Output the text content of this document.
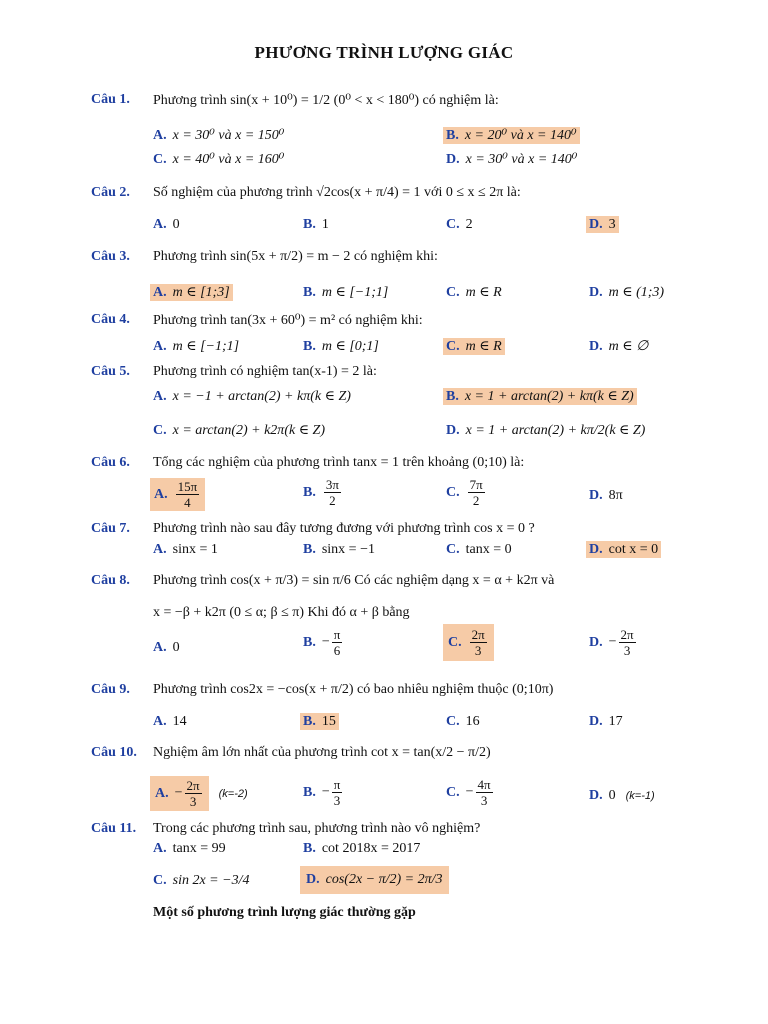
PHƯƠNG TRÌNH LƯỢNG GIÁC
Câu 1. Phương trình sin(x + 10⁰) = 1/2 (0⁰ < x < 180⁰) có nghiệm là:
A. x = 30⁰ và x = 150⁰	B. x = 20⁰ và x = 140⁰
C. x = 40⁰ và x = 160⁰	D. x = 30⁰ và x = 140⁰
Câu 2. Số nghiệm của phương trình √2cos(x + π/4) = 1 với 0 ≤ x ≤ 2π là:
A. 0	B. 1	C. 2	D. 3
Câu 3. Phương trình sin(5x + π/2) = m − 2 có nghiệm khi:
A. m ∈ [1;3]	B. m ∈ [−1;1]	C. m ∈ R	D. m ∈ (1;3)
Câu 4. Phương trình tan(3x + 60⁰) = m² có nghiệm khi:
A. m ∈ [−1;1]	B. m ∈ [0;1]	C. m ∈ R	D. m ∈ ∅
Câu 5. Phương trình có nghiệm tan(x-1) = 2 là:
A. x = −1 + arctan(2) + kπ(k ∈ Z)	B. x = 1 + arctan(2) + kπ(k ∈ Z)
C. x = arctan(2) + k2π(k ∈ Z)	D. x = 1 + arctan(2) + kπ/2(k ∈ Z)
Câu 6. Tổng các nghiệm của phương trình tanx = 1 trên khoảng (0;10) là:
A. $\frac{15\pi}{4}$	B. $\frac{3\pi}{2}$	C. $\frac{7\pi}{2}$	D. 8π
Câu 7. Phương trình nào sau đây tương đương với phương trình cos x = 0 ?
A. sinx = 1	B. sinx = −1	C. tanx = 0	D. cot x = 0
Câu 8. Phương trình cos(x + π/3) = sin π/6 Có các nghiệm dạng x = α + k2π và
x = −β + k2π (0 ≤ α; β ≤ π) Khi đó α + β bằng
A. 0	B. − $\frac{\pi}{6}$	C. $\frac{2\pi}{3}$	D. − $\frac{2\pi}{3}$
Câu 9. Phương trình cos2x = −cos(x + π/2) có bao nhiêu nghiệm thuộc (0;10π)
A. 14	B. 15	C. 16	D. 17
Câu 10. Nghiệm âm lớn nhất của phương trình cot x = tan(x/2 − π/2)
A. − $\frac{2\pi}{3} (k=-2)$	B. − $\frac{\pi}{3}$	C. − $\frac{4\pi}{3}$	D. 0 (k=-1)
Câu 11. Trong các phương trình sau, phương trình nào vô nghiệm?
A. tanx = 99	B. cot 2018x = 2017
C. sin 2x = −3/4	D. cos(2x − π/2) = 2π/3
Một số phương trình lượng giác thường gặp
